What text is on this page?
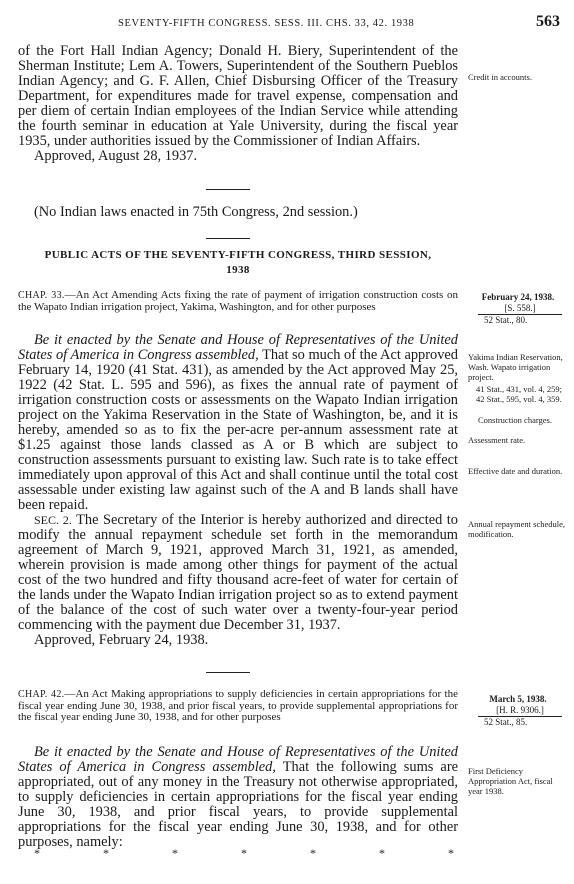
SEVENTY-FIFTH CONGRESS. SESS. III. CHS. 33, 42. 1938	563

of the Fort Hall Indian Agency; Donald H. Biery, Superintendent of the Sherman Institute; Lem A. Towers, Superintendent of the Southern Pueblos Indian Agency; and G. F. Allen, Chief Disbursing Officer of the Treasury Department, for expenditures made for travel expense, compensation and per diem of certain Indian employees of the Indian Service while attending the fourth seminar in education at Yale University, during the fiscal year 1935, under authorities issued by the Commissioner of Indian Affairs.

Approved, August 28, 1937.

Credit in accounts.
(No Indian laws enacted in 75th Congress, 2nd session.)
PUBLIC ACTS OF THE SEVENTY-FIFTH CONGRESS, THIRD SESSION,
1938

CHAP. 33.—An Act Amending Acts fixing the rate of payment of irrigation construction costs on the Wapato Indian irrigation project, Yakima, Washington, and for other purposes

February 24, 1938.
[S. 558.]
52 Stat., 80.

Be it enacted by the Senate and House of Representatives of the United States of America in Congress assembled, That so much of the Act approved February 14, 1920 (41 Stat. 431), as amended by the Act approved May 25, 1922 (42 Stat. L. 595 and 596), as fixes the annual rate of payment of irrigation construction costs or assessments on the Wapato Indian irrigation project on the Yakima Reservation in the State of Washington, be, and it is hereby, amended so as to fix the per-acre per-annum assessment rate at $1.25 against those lands classed as A or B which are subject to construction assessments pursuant to existing law. Such rate is to take effect immediately upon approval of this Act and shall continue until the total cost assessable under existing law against such of the A and B lands shall have been repaid.

SEC. 2. The Secretary of the Interior is hereby authorized and directed to modify the annual repayment schedule set forth in the memorandum agreement of March 9, 1921, approved March 31, 1921, as amended, wherein provision is made among other things for payment of the actual cost of the two hundred and fifty thousand acre-feet of water for certain of the lands under the Wapato Indian irrigation project so as to extend payment of the balance of the cost of such water over a twenty-four-year period commencing with the payment due December 31, 1937.

Approved, February 24, 1938.

Yakima Indian Reservation, Wash. Wapato irrigation project.
41 Stat., 431, vol. 4, 259; 42 Stat., 595, vol. 4, 359.
Construction charges.
Assessment rate.
Effective date and duration.
Annual repayment schedule, modification.

CHAP. 42.—An Act Making appropriations to supply deficiencies in certain appropriations for the fiscal year ending June 30, 1938, and prior fiscal years, to provide supplemental appropriations for the fiscal year ending June 30, 1938, and for other purposes

March 5, 1938.
[H. R. 9306.]
52 Stat., 85.

Be it enacted by the Senate and House of Representatives of the United States of America in Congress assembled, That the following sums are appropriated, out of any money in the Treasury not otherwise appropriated, to supply deficiencies in certain appropriations for the fiscal year ending June 30, 1938, and prior fiscal years, to provide supplemental appropriations for the fiscal year ending June 30, 1938, and for other purposes, namely:

First Deficiency Appropriation Act, fiscal year 1938.
*	*	*	*	*	*	*
